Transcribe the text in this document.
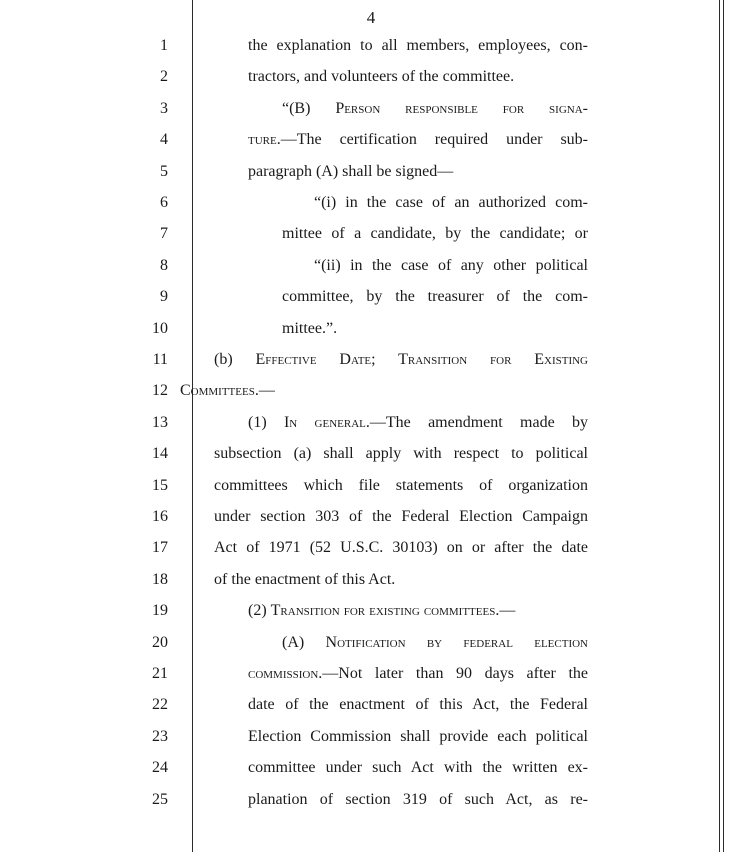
4
1	the explanation to all members, employees, con-
2	tractors, and volunteers of the committee.
3	“(B) Person responsible for signa-
4	ture.—The certification required under sub-
5	paragraph (A) shall be signed—
6	“(i) in the case of an authorized com-
7	mittee of a candidate, by the candidate; or
8	“(ii) in the case of any other political
9	committee, by the treasurer of the com-
10	mittee.”.
11	(b) Effective Date; Transition for Existing
12 Committees.—
13	(1) In general.—The amendment made by
14	subsection (a) shall apply with respect to political
15	committees which file statements of organization
16	under section 303 of the Federal Election Campaign
17	Act of 1971 (52 U.S.C. 30103) on or after the date
18	of the enactment of this Act.
19	(2) Transition for existing committees.—
20	(A) Notification by federal election
21	commission.—Not later than 90 days after the
22	date of the enactment of this Act, the Federal
23	Election Commission shall provide each political
24	committee under such Act with the written ex-
25	planation of section 319 of such Act, as re-
